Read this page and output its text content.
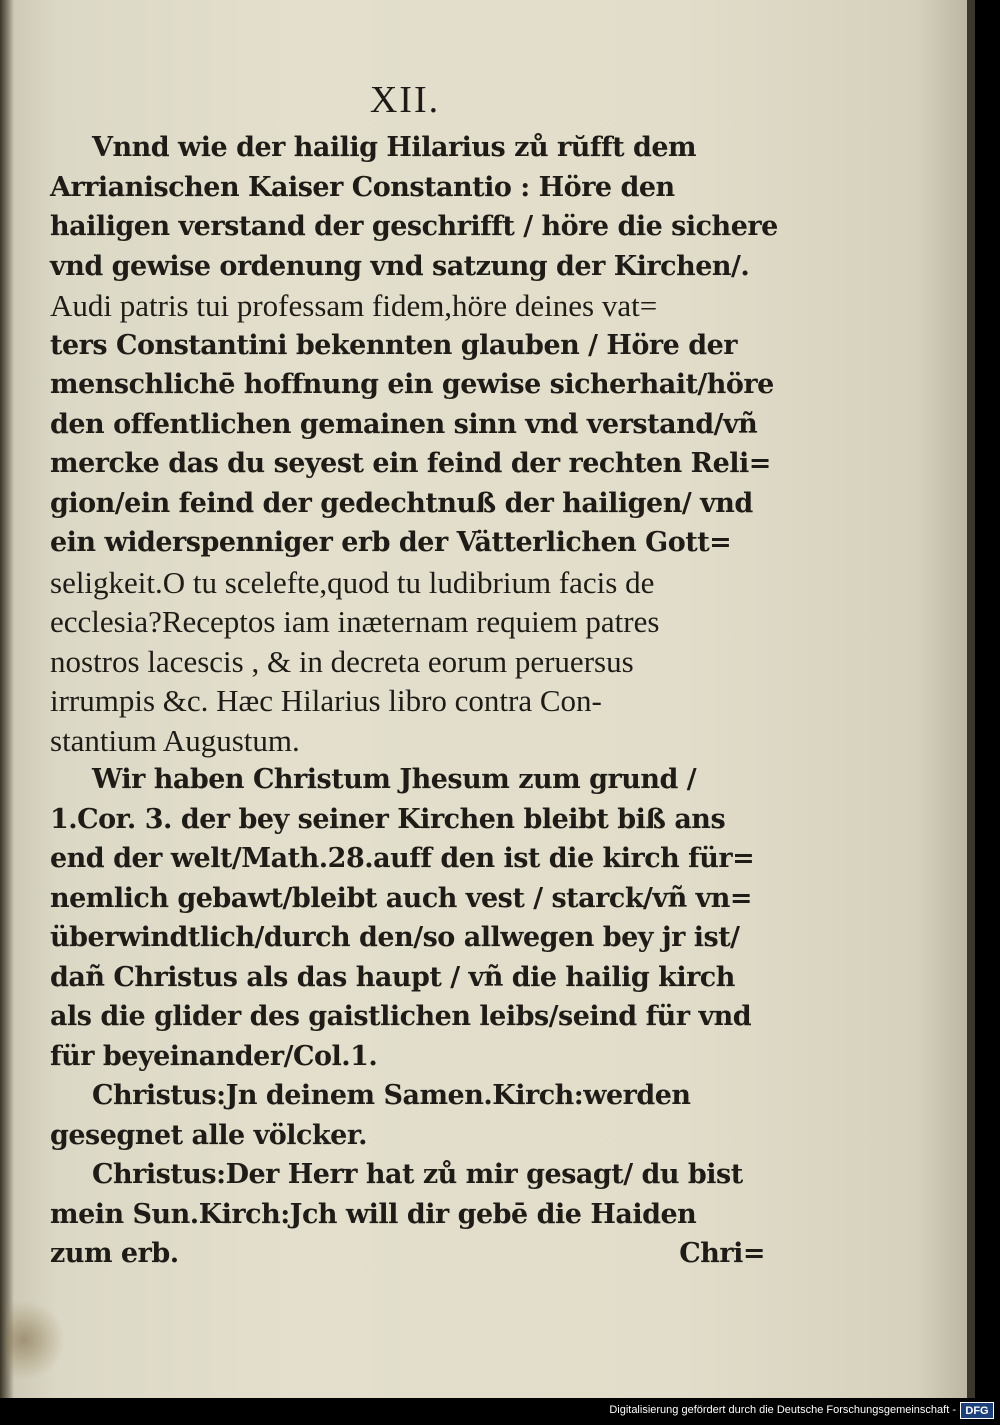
XII.
Vnnd wie der hailig Hilarius zů rŭfft dem
Arrianischen Kaiser Constantio : Höre den
hailigen verstand der geschrifft / höre die sichere
vnd gewise ordenung vnd satzung der Kirchen/.
Audi patris tui professam fidem,höre deines vat=
ters Constantini bekennten glauben / Höre der
menschlichē hoffnung ein gewise sicherhait/höre
den offentlichen gemainen sinn vnd verstand/vñ
mercke das du seyest ein feind der rechten Reli=
gion/ein feind der gedechtnuß der hailigen/ vnd
ein widerspenniger erb der Vätterlichen Gott=
seligkeit.O tu scelefte,quod tu ludibrium facis de
ecclesia?Receptos iam inæternam requiem patres
nostros lacescis , & in decreta eorum peruersus
irrumpis &c. Hæc Hilarius libro contra Con-
stantium Augustum.
Wir haben Christum Jhesum zum grund /
1.Cor. 3. der bey seiner Kirchen bleibt biß ans
end der welt/Math.28.auff den ist die kirch für=
nemlich gebawt/bleibt auch vest / starck/vñ vn=
überwindtlich/durch den/so allwegen bey jr ist/
dañ Christus als das haupt / vñ die hailig kirch
als die glider des gaistlichen leibs/seind für vnd
für beyeinander/Col.1.
Christus:Jn deinem Samen.Kirch:werden
gesegnet alle völcker.
Christus:Der Herr hat zů mir gesagt/ du bist
mein Sun.Kirch:Jch will dir gebē die Haiden
zum erb.	Chri=
Digitalisierung gefördert durch die Deutsche Forschungsgemeinschaft - DFG
